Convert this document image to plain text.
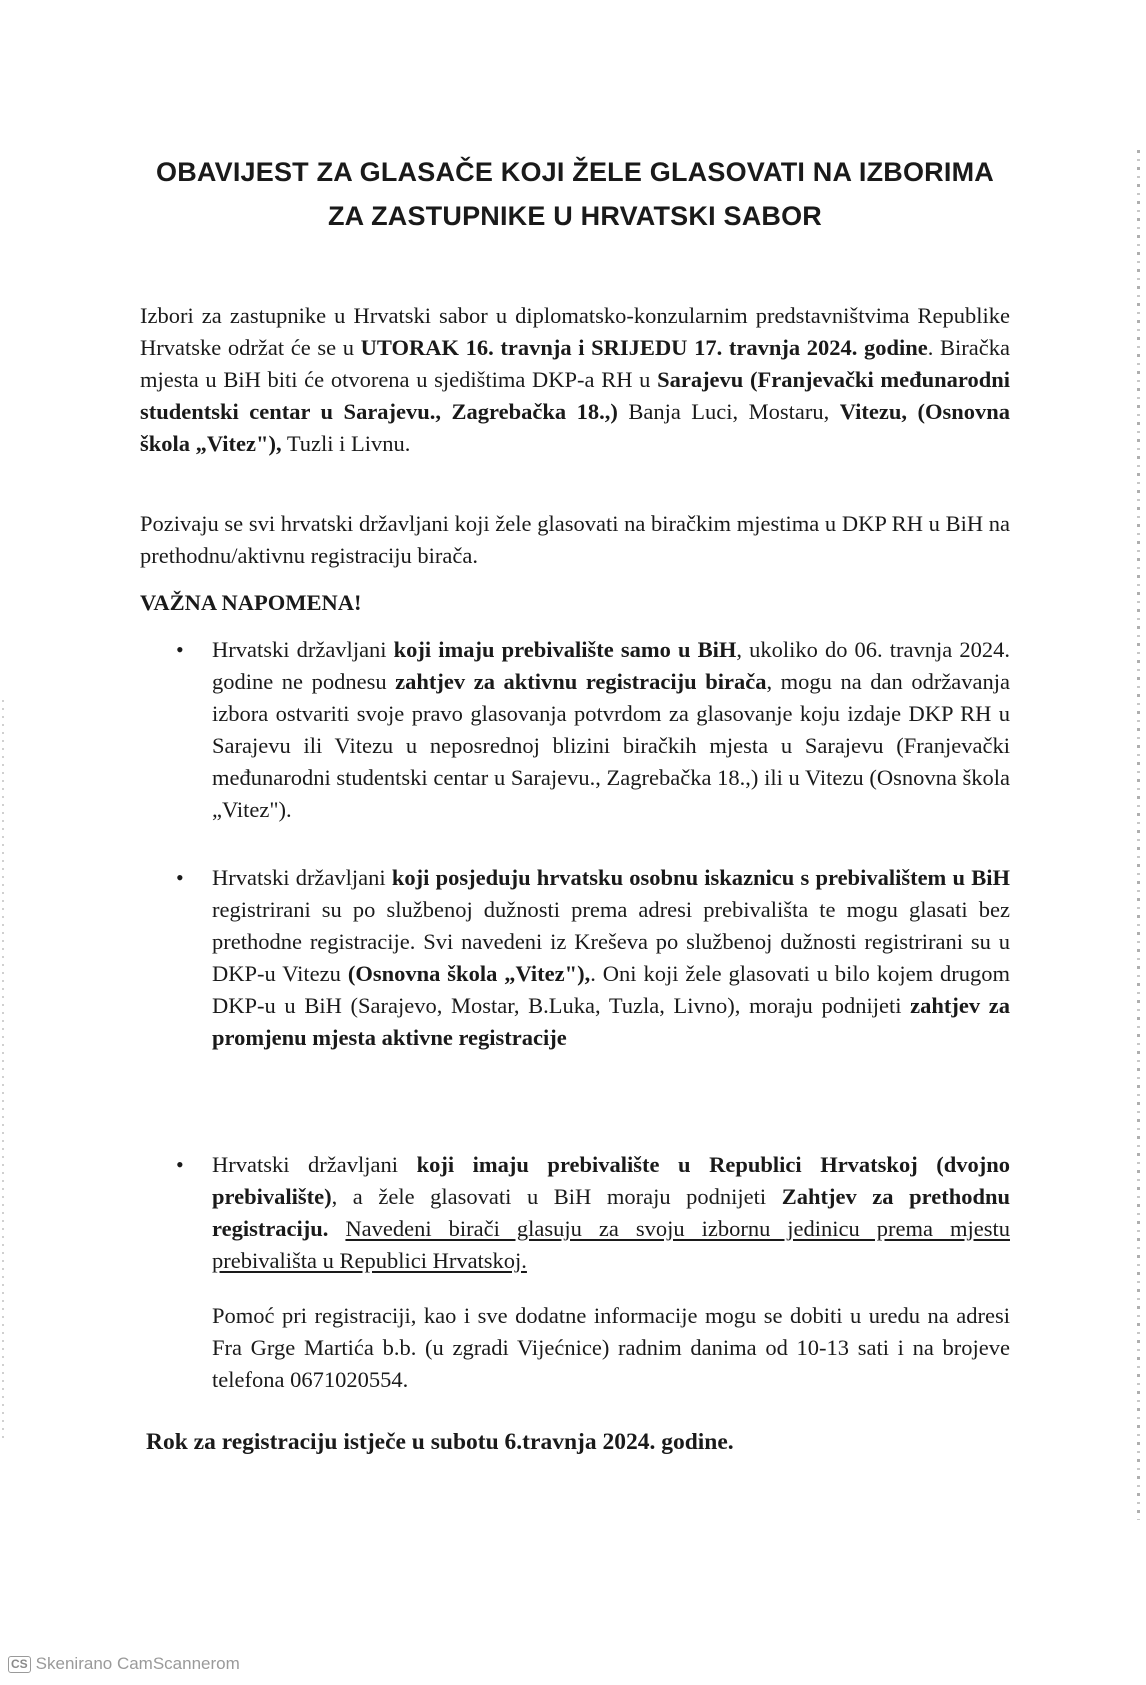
OBAVIJEST ZA GLASAČE KOJI ŽELE GLASOVATI NA IZBORIMA
ZA ZASTUPNIKE U HRVATSKI SABOR

Izbori za zastupnike u Hrvatski sabor u diplomatsko-konzularnim predstavništvima Republike Hrvatske održat će se u UTORAK 16. travnja i SRIJEDU 17. travnja 2024. godine. Biračka mjesta u BiH biti će otvorena u sjedištima DKP-a RH u Sarajevu (Franjevački međunarodni studentski centar u Sarajevu., Zagrebačka 18.,) Banja Luci, Mostaru, Vitezu, (Osnovna škola „Vitez"), Tuzli i Livnu.

Pozivaju se svi hrvatski državljani koji žele glasovati na biračkim mjestima u DKP RH u BiH na prethodnu/aktivnu registraciju birača.

VAŽNA NAPOMENA!

• Hrvatski državljani koji imaju prebivalište samo u BiH, ukoliko do 06. travnja 2024. godine ne podnesu zahtjev za aktivnu registraciju birača, mogu na dan održavanja izbora ostvariti svoje pravo glasovanja potvrdom za glasovanje koju izdaje DKP RH u Sarajevu ili Vitezu u neposrednoj blizini biračkih mjesta u Sarajevu (Franjevački međunarodni studentski centar u Sarajevu., Zagrebačka 18.,) ili u Vitezu (Osnovna škola „Vitez").

• Hrvatski državljani koji posjeduju hrvatsku osobnu iskaznicu s prebivalištem u BiH registrirani su po službenoj dužnosti prema adresi prebivališta te mogu glasati bez prethodne registracije. Svi navedeni iz Kreševa po službenoj dužnosti registrirani su u DKP-u Vitezu (Osnovna škola „Vitez"),. Oni koji žele glasovati u bilo kojem drugom DKP-u u BiH (Sarajevo, Mostar, B.Luka, Tuzla, Livno), moraju podnijeti zahtjev za promjenu mjesta aktivne registracije

• Hrvatski državljani koji imaju prebivalište u Republici Hrvatskoj (dvojno prebivalište), a žele glasovati u BiH moraju podnijeti Zahtjev za prethodnu registraciju. Navedeni birači glasuju za svoju izbornu jedinicu prema mjestu prebivališta u Republici Hrvatskoj.

Pomoć pri registraciji, kao i sve dodatne informacije mogu se dobiti u uredu na adresi Fra Grge Martića b.b. (u zgradi Vijećnice) radnim danima od 10-13 sati i na brojeve telefona 0671020554.

Rok za registraciju istječe u subotu 6.travnja 2024. godine.

CS Skenirano CamScannerom
